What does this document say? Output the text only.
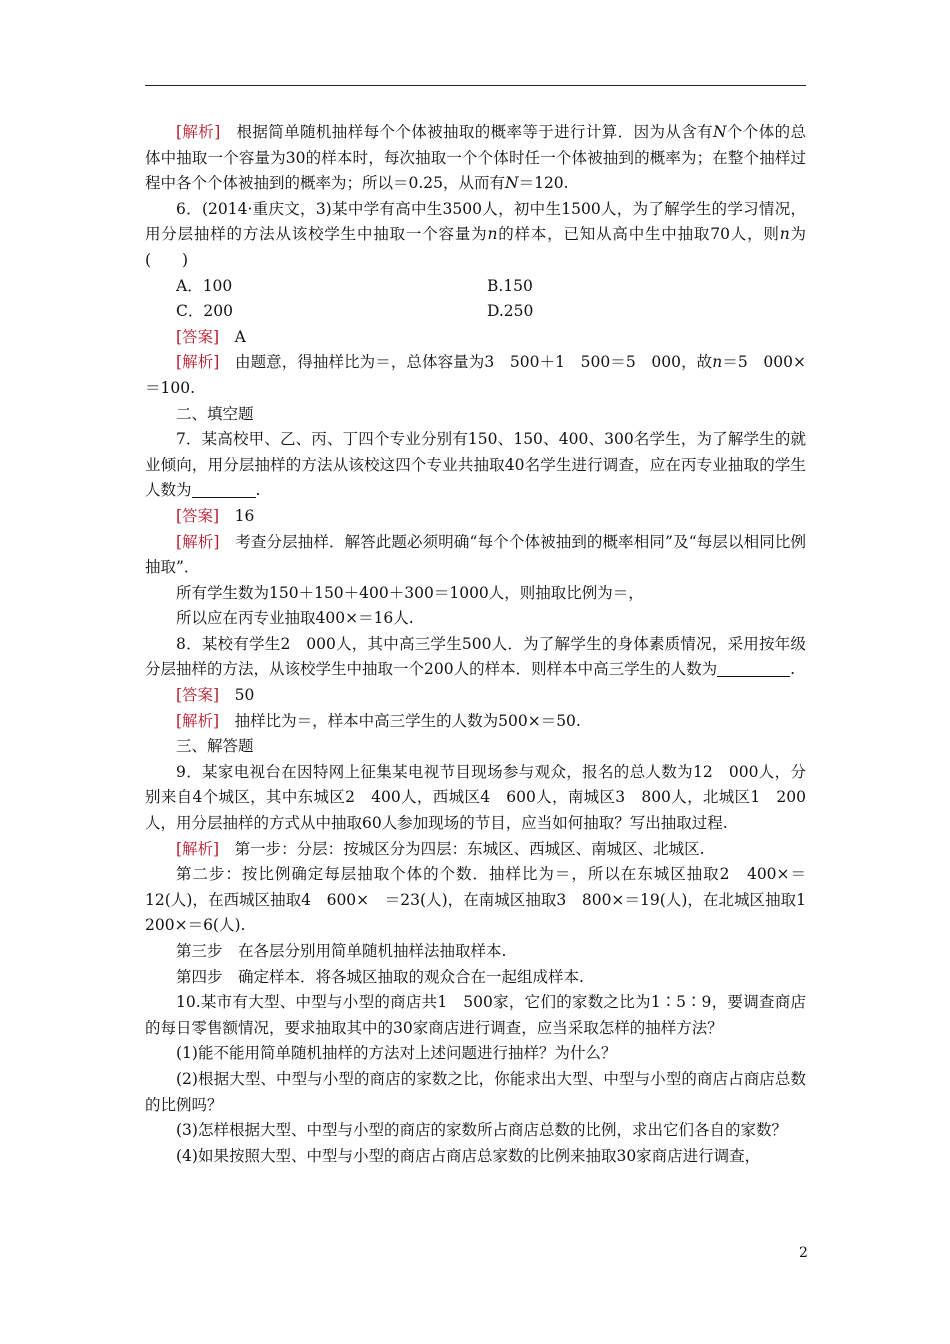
[解析]　 根据简单随机抽样每个个体被抽取的概率等于进行计算．因为从含有N个个体的总体中抽取一个容量为30的样本时，每次抽取一个个体时任一个体被抽到的概率为；在整个抽样过程中各个个体被抽到的概率为；所以＝0.25，从而有N＝120.

6．(2014·重庆文，3)某中学有高中生3500人，初中生1500人，为了解学生的学习情况，用分层抽样的方法从该校学生中抽取一个容量为n的样本，已知从高中生中抽取70人，则n为(　　)

A．100	B.150
C．200	D.250

[答案]　 A

[解析]　 由题意，得抽样比为＝，总体容量为3　500＋1　500＝5　000，故n＝5　000×＝100.

二、填空题

7．某高校甲、乙、丙、丁四个专业分别有150、150、400、300名学生，为了解学生的就业倾向，用分层抽样的方法从该校这四个专业共抽取40名学生进行调查，应在丙专业抽取的学生人数为	.

[答案]　 16

[解析]　 考查分层抽样．解答此题必须明确“每个个体被抽到的概率相同”及“每层以相同比例抽取”．

所有学生数为150＋150＋400＋300＝1000人，则抽取比例为＝，

所以应在丙专业抽取400×＝16人.

8．某校有学生2　000人，其中高三学生500人．为了解学生的身体素质情况，采用按年级分层抽样的方法，从该校学生中抽取一个200人的样本．则样本中高三学生的人数为	.

[答案]　 50

[解析]　 抽样比为＝，样本中高三学生的人数为500×＝50.

三、解答题

9．某家电视台在因特网上征集某电视节目现场参与观众，报名的总人数为12　000人，分别来自4个城区，其中东城区2　400人，西城区4　600人，南城区3　800人，北城区1　200人，用分层抽样的方式从中抽取60人参加现场的节目，应当如何抽取？写出抽取过程.

[解析]　 第一步：分层：按城区分为四层：东城区、西城区、南城区、北城区.

第二步：按比例确定每层抽取个体的个数．抽样比为＝，所以在东城区抽取2　400×＝12(人)，在西城区抽取4　600×　＝23(人)，在南城区抽取3　800×＝19(人)，在北城区抽取1　200×＝6(人).

第三步　在各层分别用简单随机抽样法抽取样本.

第四步　确定样本．将各城区抽取的观众合在一起组成样本.

10.某市有大型、中型与小型的商店共1　500家，它们的家数之比为1∶5∶9，要调查商店的每日零售额情况，要求抽取其中的30家商店进行调查，应当采取怎样的抽样方法？

(1)能不能用简单随机抽样的方法对上述问题进行抽样？为什么？

(2)根据大型、中型与小型的商店的家数之比，你能求出大型、中型与小型的商店占商店总数的比例吗？

(3)怎样根据大型、中型与小型的商店的家数所占商店总数的比例，求出它们各自的家数？

(4)如果按照大型、中型与小型的商店占商店总家数的比例来抽取30家商店进行调查，

2
